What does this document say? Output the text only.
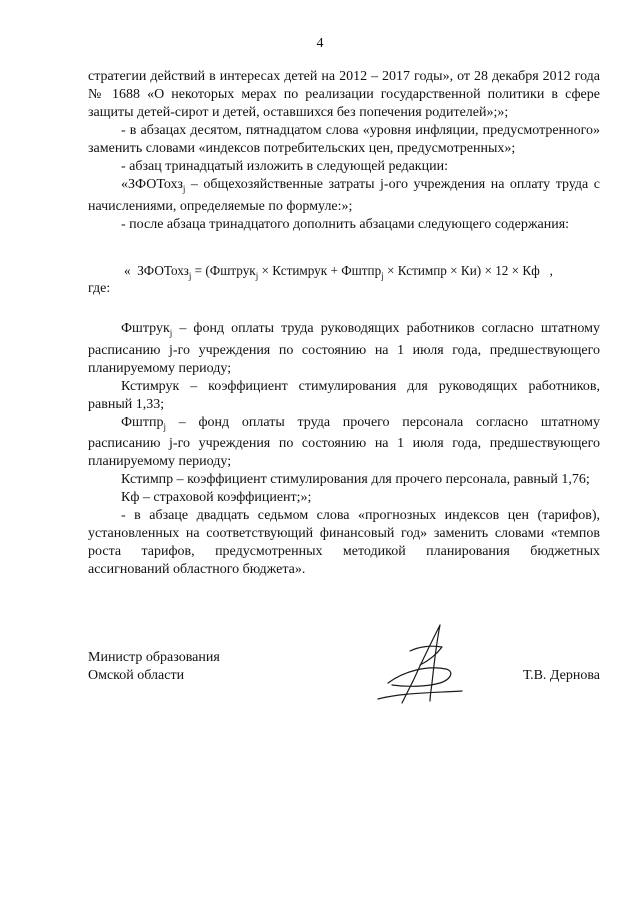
4

стратегии действий в интересах детей на 2012 – 2017 годы», от 28 декабря 2012 года № 1688 «О некоторых мерах по реализации государственной политики в сфере защиты детей-сирот и детей, оставшихся без попечения родителей»;»;

- в абзацах десятом, пятнадцатом слова «уровня инфляции, предусмотренного» заменить словами «индексов потребительских цен, предусмотренных»;

- абзац тринадцатый изложить в следующей редакции:

«ЗФОТохз$_j$ – общехозяйственные затраты j-ого учреждения на оплату труда с начислениями, определяемые по формуле:»;

- после абзаца тринадцатого дополнить абзацами следующего содержания:

« ЗФОТохз$_j$ = (Фштрук$_j$ × Кстимрук + Фштпр$_j$ × Кстимпр × Ки) × 12 × Кф ,

где:

Фштрук$_j$ – фонд оплаты труда руководящих работников согласно штатному расписанию j-го учреждения по состоянию на 1 июля года, предшествующего планируемому периоду;

Кстимрук – коэффициент стимулирования для руководящих работников, равный 1,33;

Фштпр$_j$ – фонд оплаты труда прочего персонала согласно штатному расписанию j-го учреждения по состоянию на 1 июля года, предшествующего планируемому периоду;

Кстимпр – коэффициент стимулирования для прочего персонала, равный 1,76;

Кф – страховой коэффициент;»;

- в абзаце двадцать седьмом слова «прогнозных индексов цен (тарифов), установленных на соответствующий финансовый год» заменить словами «темпов роста тарифов, предусмотренных методикой планирования бюджетных ассигнований областного бюджета».

Министр образования
Омской области	Т.В. Дернова
